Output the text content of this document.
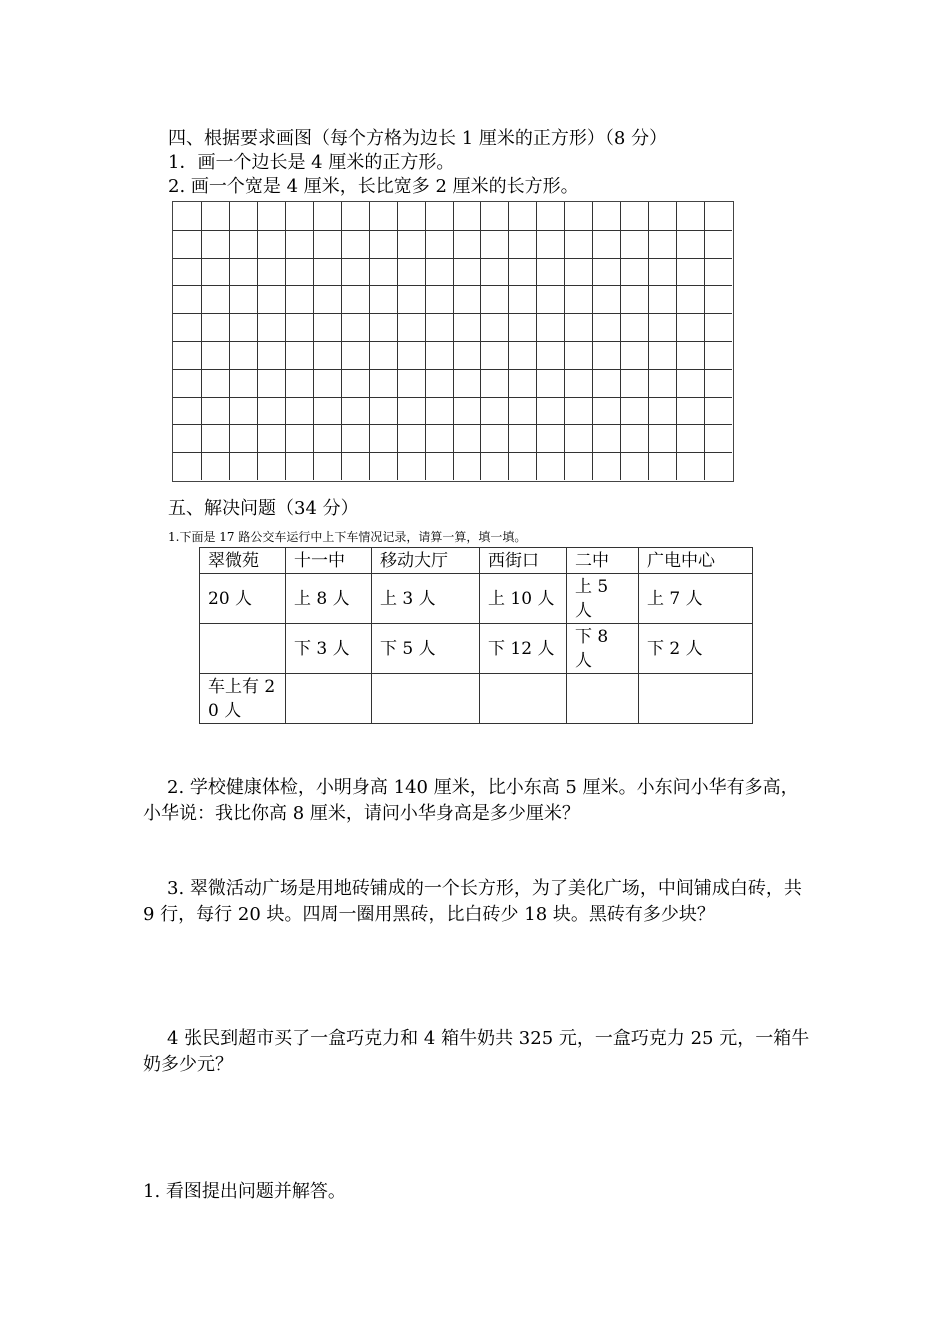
四、根据要求画图（每个方格为边长 1 厘米的正方形）（8 分）
1．画一个边长是 4 厘米的正方形。
2. 画一个宽是 4 厘米，长比宽多 2 厘米的长方形。
五、解决问题（34 分）
1.下面是 17 路公交车运行中上下车情况记录，请算一算，填一填。
翠微苑	十一中	移动大厅	西街口	二中	广电中心
20 人	上 8 人	上 3 人	上 10 人	上 5 人	上 7 人
	下 3 人	下 5 人	下 12 人	下 8 人	下 2 人
车上有 20 人					
2. 学校健康体检，小明身高 140 厘米，比小东高 5 厘米。小东问小华有多高，小华说：我比你高 8 厘米，请问小华身高是多少厘米？
3. 翠微活动广场是用地砖铺成的一个长方形，为了美化广场，中间铺成白砖，共 9 行，每行 20 块。四周一圈用黑砖，比白砖少 18 块。黑砖有多少块？
4 张民到超市买了一盒巧克力和 4 箱牛奶共 325 元，一盒巧克力 25 元，一箱牛奶多少元？
1. 看图提出问题并解答。
